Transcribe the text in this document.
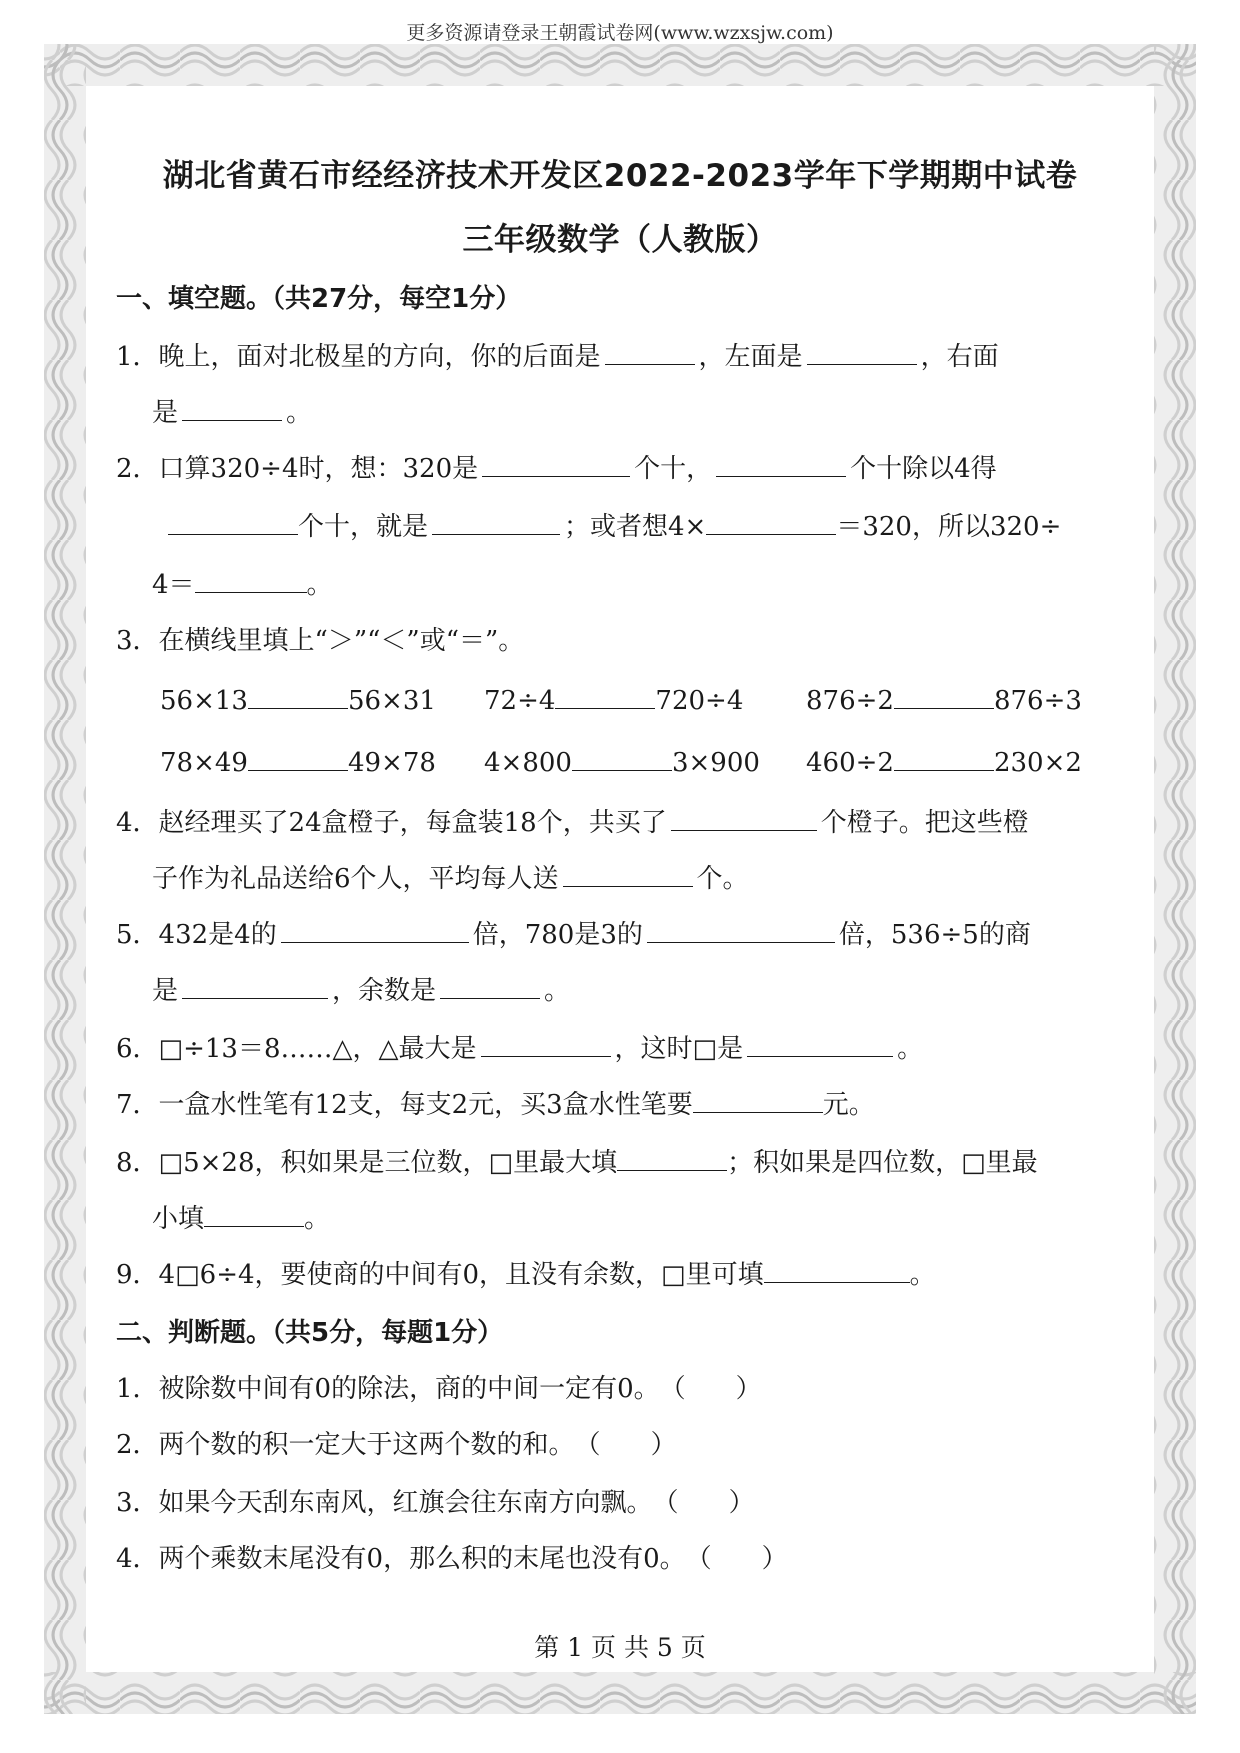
更多资源请登录王朝霞试卷网(www.wzxsjw.com)
湖北省黄石市经经济技术开发区2022-2023学年下学期期中试卷
三年级数学（人教版）
一、填空题。（共27分，每空1分）
1．晚上，面对北极星的方向，你的后面是	，左面是	，右面
是	。
2．口算320÷4时，想：320是	个十，	个十除以4得
个十，就是	；或者想4×	＝320，所以320÷
4＝	。
3．在横线里填上“＞”“＜”或“＝”。
56×13	56×31 72÷4	720÷4 876÷2	876÷3
78×49	49×78 4×800	3×900 460÷2	230×2
4．赵经理买了24盒橙子，每盒装18个，共买了	个橙子。把这些橙
子作为礼品送给6个人，平均每人送	个。
5．432是4的	倍，780是3的	倍，536÷5的商
是	，余数是	。
6．□÷13＝8……△，△最大是	，这时□是	。
7．一盒水性笔有12支，每支2元，买3盒水性笔要	元。
8．□5×28，积如果是三位数，□里最大填	；积如果是四位数，□里最
小填	。
9．4□6÷4，要使商的中间有0，且没有余数，□里可填	。
二、判断题。（共5分，每题1分）
1．被除数中间有0的除法，商的中间一定有0。（ ）
2．两个数的积一定大于这两个数的和。（ ）
3．如果今天刮东南风，红旗会往东南方向飘。（ ）
4．两个乘数末尾没有0，那么积的末尾也没有0。（ ）
第 1 页 共 5 页
